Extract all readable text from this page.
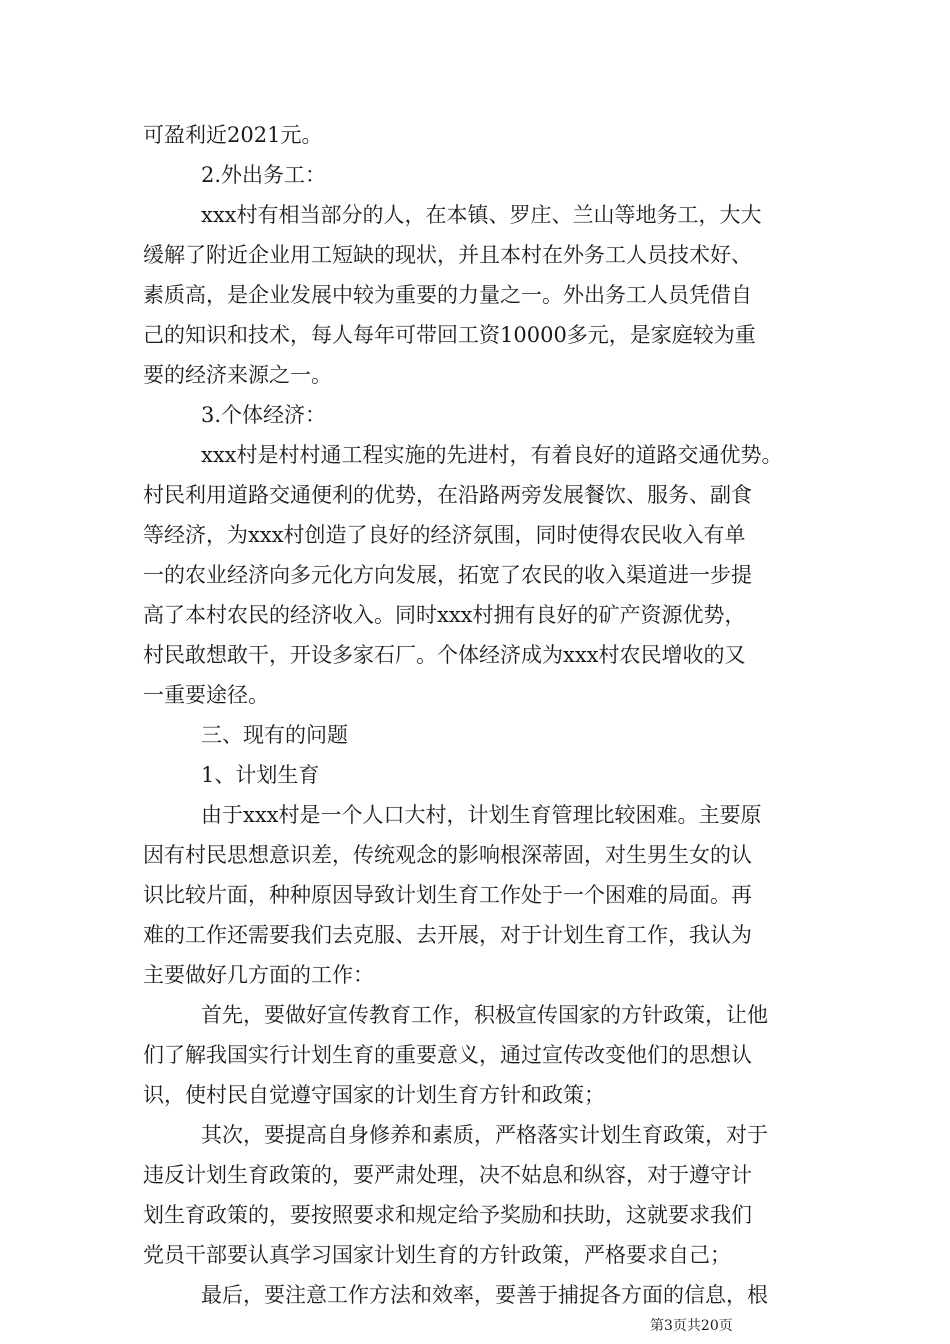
可盈利近2021元。
2.外出务工：
xxx村有相当部分的人，在本镇、罗庄、兰山等地务工，大大
缓解了附近企业用工短缺的现状，并且本村在外务工人员技术好、
素质高，是企业发展中较为重要的力量之一。外出务工人员凭借自
己的知识和技术，每人每年可带回工资10000多元，是家庭较为重
要的经济来源之一。
3.个体经济：
xxx村是村村通工程实施的先进村，有着良好的道路交通优势。
村民利用道路交通便利的优势，在沿路两旁发展餐饮、服务、副食
等经济，为xxx村创造了良好的经济氛围，同时使得农民收入有单
一的农业经济向多元化方向发展，拓宽了农民的收入渠道进一步提
高了本村农民的经济收入。同时xxx村拥有良好的矿产资源优势，
村民敢想敢干，开设多家石厂。个体经济成为xxx村农民增收的又
一重要途径。
三、现有的问题
1、计划生育
由于xxx村是一个人口大村，计划生育管理比较困难。主要原
因有村民思想意识差，传统观念的影响根深蒂固，对生男生女的认
识比较片面，种种原因导致计划生育工作处于一个困难的局面。再
难的工作还需要我们去克服、去开展，对于计划生育工作，我认为
主要做好几方面的工作：
首先，要做好宣传教育工作，积极宣传国家的方针政策，让他
们了解我国实行计划生育的重要意义，通过宣传改变他们的思想认
识，使村民自觉遵守国家的计划生育方针和政策；
其次，要提高自身修养和素质，严格落实计划生育政策，对于
违反计划生育政策的，要严肃处理，决不姑息和纵容，对于遵守计
划生育政策的，要按照要求和规定给予奖励和扶助，这就要求我们
党员干部要认真学习国家计划生育的方针政策，严格要求自己；
最后，要注意工作方法和效率，要善于捕捉各方面的信息，根
第3页共20页
